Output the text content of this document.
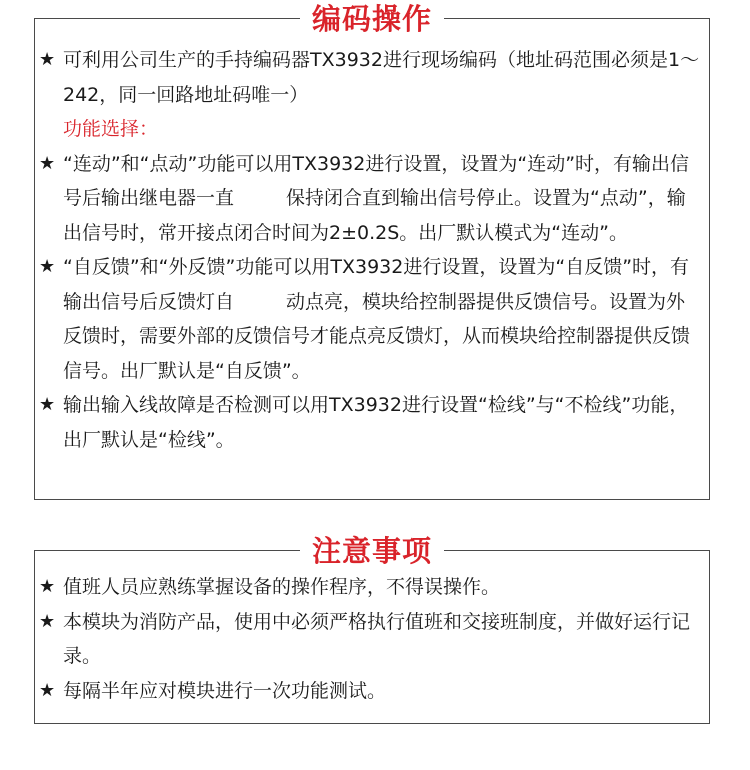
编码操作

★ 可利用公司生产的手持编码器TX3932进行现场编码（地址码范围必须是1～242，同一回路地址码唯一）

功能选择：

★ “连动”和“点动”功能可以用TX3932进行设置，设置为“连动”时，有输出信号后输出继电器一直	保持闭合直到输出信号停止。设置为“点动”，输出信号时，常开接点闭合时间为2±0.2S。出厂默认模式为“连动”。

★ “自反馈”和“外反馈”功能可以用TX3932进行设置，设置为“自反馈”时，有输出信号后反馈灯自	动点亮，模块给控制器提供反馈信号。设置为外反馈时，需要外部的反馈信号才能点亮反馈灯，从而模块给控制器提供反馈信号。出厂默认是“自反馈”。

★ 输出输入线故障是否检测可以用TX3932进行设置“检线”与“不检线”功能，出厂默认是“检线”。

注意事项

★ 值班人员应熟练掌握设备的操作程序，不得误操作。

★ 本模块为消防产品，使用中必须严格执行值班和交接班制度，并做好运行记录。

★ 每隔半年应对模块进行一次功能测试。
